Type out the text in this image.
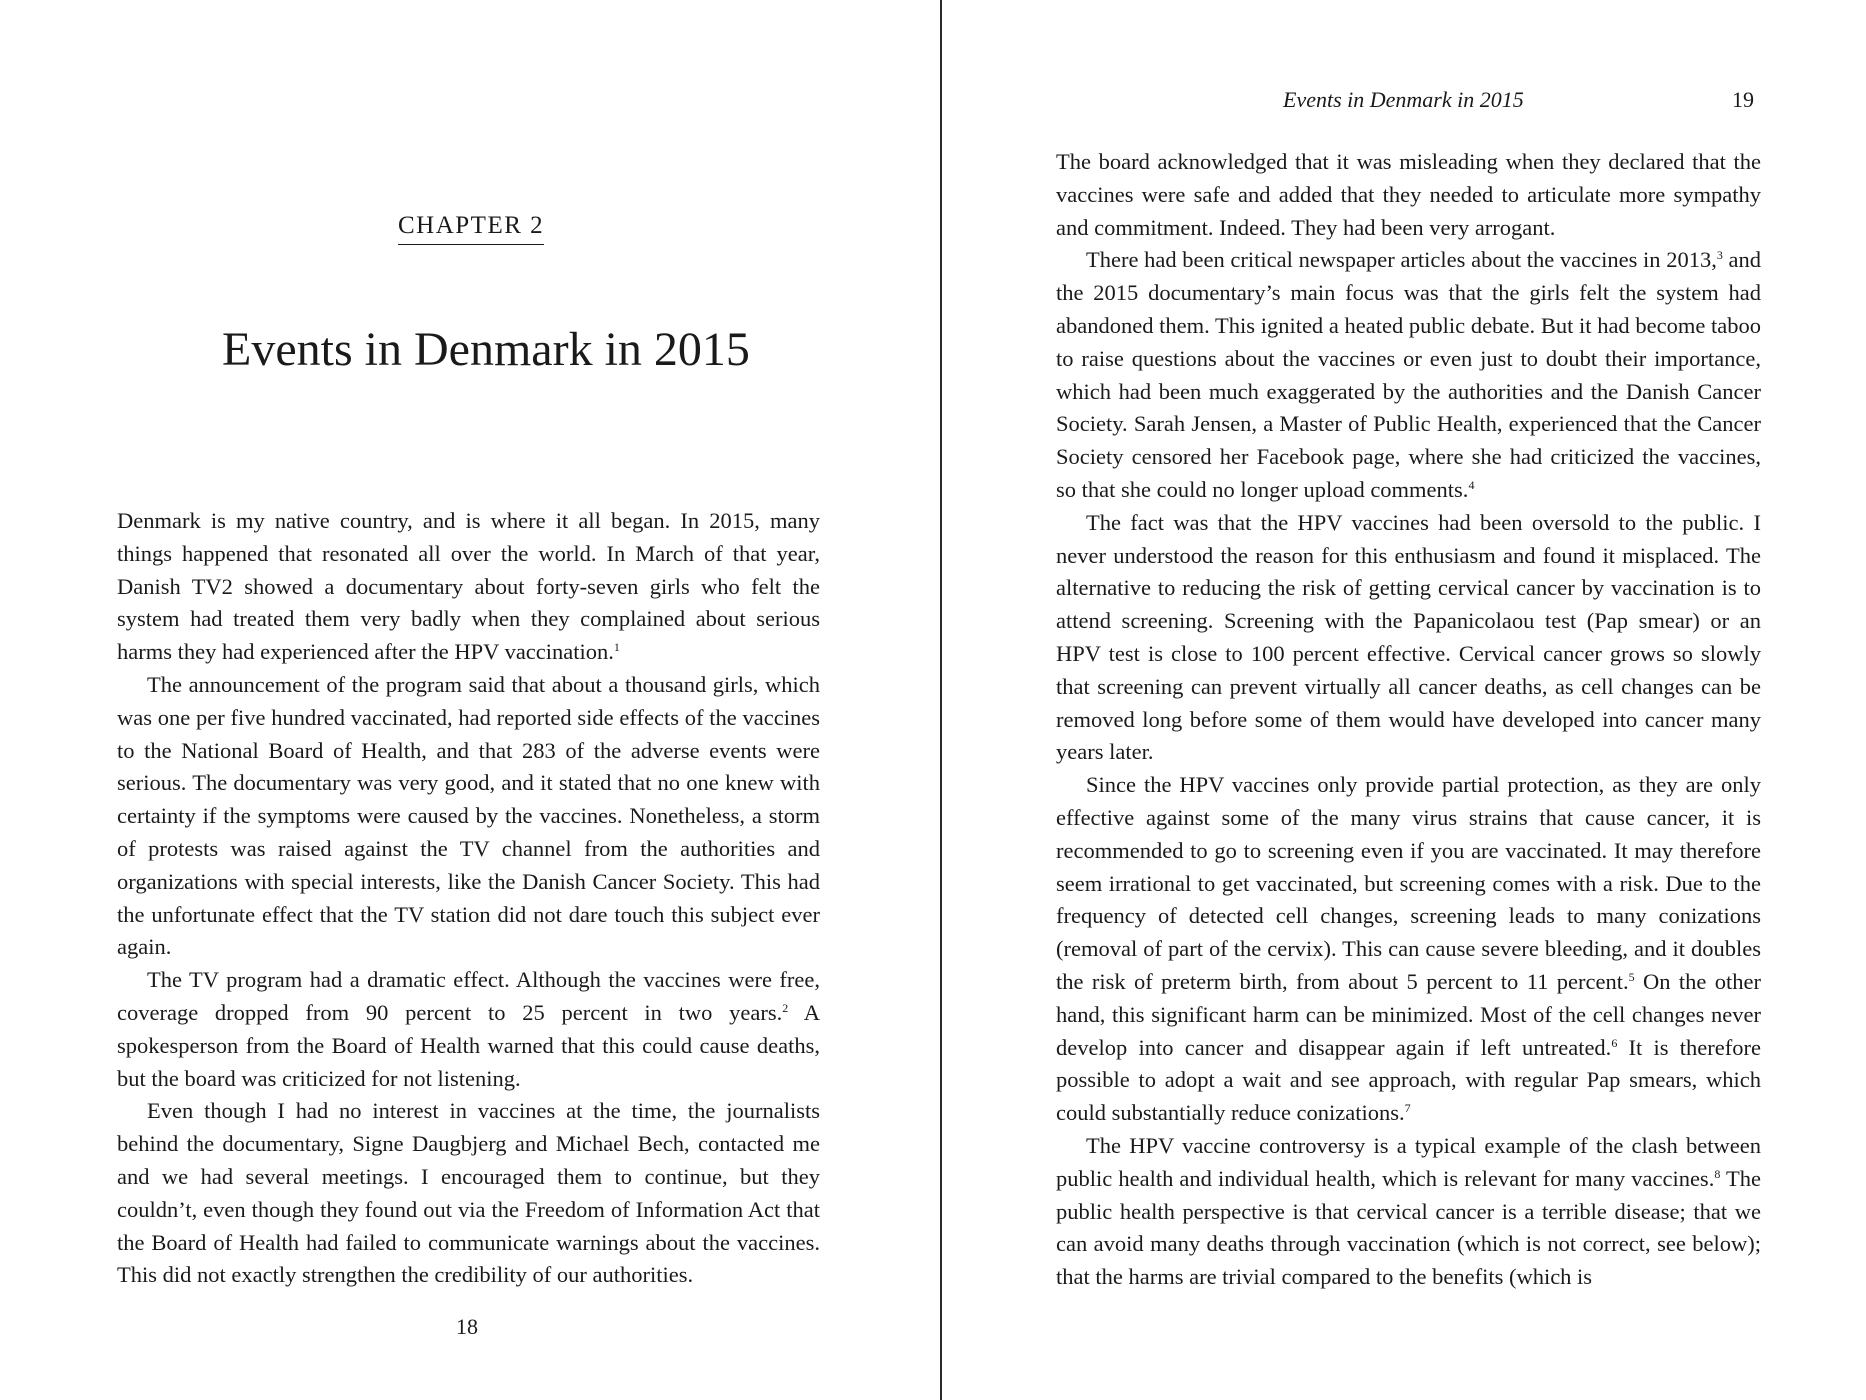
CHAPTER 2
Events in Denmark in 2015

Denmark is my native country, and is where it all began. In 2015, many things happened that resonated all over the world. In March of that year, Danish TV2 showed a documentary about forty-seven girls who felt the system had treated them very badly when they complained about serious harms they had experienced after the HPV vaccination.$^1$

The announcement of the program said that about a thousand girls, which was one per five hundred vaccinated, had reported side effects of the vaccines to the National Board of Health, and that 283 of the adverse events were serious. The documentary was very good, and it stated that no one knew with certainty if the symptoms were caused by the vaccines. Nonetheless, a storm of protests was raised against the TV channel from the authorities and organizations with special interests, like the Danish Cancer Society. This had the unfortunate effect that the TV station did not dare touch this subject ever again.

The TV program had a dramatic effect. Although the vaccines were free, coverage dropped from 90 percent to 25 percent in two years.$^2$ A spokesperson from the Board of Health warned that this could cause deaths, but the board was criticized for not listening.

Even though I had no interest in vaccines at the time, the journalists behind the documentary, Signe Daugbjerg and Michael Bech, contacted me and we had several meetings. I encouraged them to continue, but they couldn’t, even though they found out via the Freedom of Information Act that the Board of Health had failed to communicate warnings about the vaccines. This did not exactly strengthen the credibility of our authorities.

18
Events in Denmark in 2015	19

The board acknowledged that it was misleading when they declared that the vaccines were safe and added that they needed to articulate more sympathy and commitment. Indeed. They had been very arrogant.

There had been critical newspaper articles about the vaccines in 2013,$^3$ and the 2015 documentary’s main focus was that the girls felt the system had abandoned them. This ignited a heated public debate. But it had become taboo to raise questions about the vaccines or even just to doubt their importance, which had been much exaggerated by the authorities and the Danish Cancer Society. Sarah Jensen, a Master of Public Health, experienced that the Cancer Society censored her Facebook page, where she had criticized the vaccines, so that she could no longer upload comments.$^4$

The fact was that the HPV vaccines had been oversold to the public. I never understood the reason for this enthusiasm and found it misplaced. The alternative to reducing the risk of getting cervical cancer by vaccination is to attend screening. Screening with the Papanicolaou test (Pap smear) or an HPV test is close to 100 percent effective. Cervical cancer grows so slowly that screening can prevent virtually all cancer deaths, as cell changes can be removed long before some of them would have developed into cancer many years later.

Since the HPV vaccines only provide partial protection, as they are only effective against some of the many virus strains that cause cancer, it is recommended to go to screening even if you are vaccinated. It may therefore seem irrational to get vaccinated, but screening comes with a risk. Due to the frequency of detected cell changes, screening leads to many conizations (removal of part of the cervix). This can cause severe bleeding, and it doubles the risk of preterm birth, from about 5 percent to 11 percent.$^5$ On the other hand, this significant harm can be minimized. Most of the cell changes never develop into cancer and disappear again if left untreated.$^6$ It is therefore possible to adopt a wait and see approach, with regular Pap smears, which could substantially reduce conizations.$^7$

The HPV vaccine controversy is a typical example of the clash between public health and individual health, which is relevant for many vaccines.$^8$ The public health perspective is that cervical cancer is a terrible disease; that we can avoid many deaths through vaccination (which is not correct, see below); that the harms are trivial compared to the benefits (which is
